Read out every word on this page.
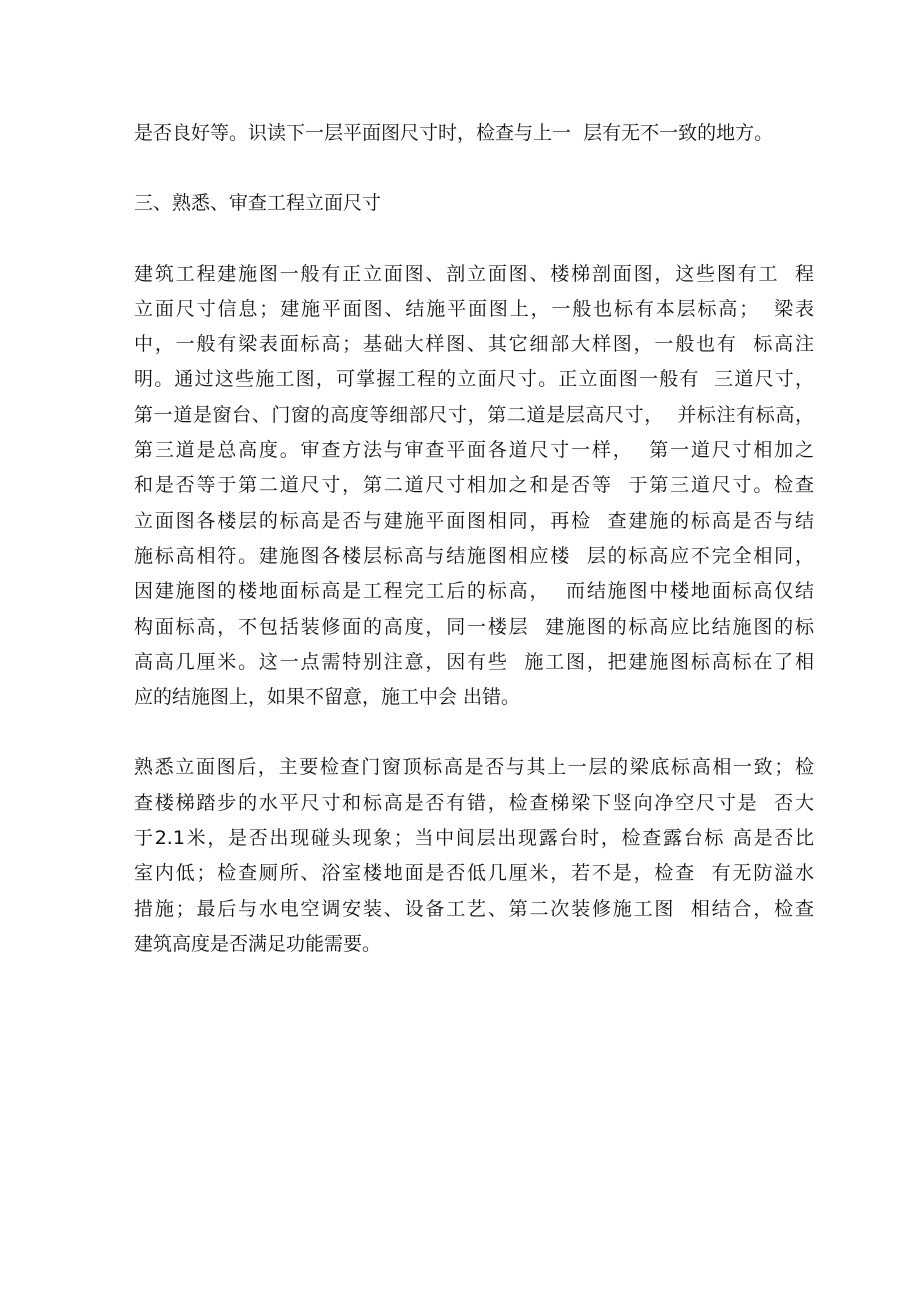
是否良好等。识读下一层平面图尺寸时，检查与上一  层有无不一致的地方。
三、熟悉、审查工程立面尺寸
建筑工程建施图一般有正立面图、剖立面图、楼梯剖面图，这些图有工  程
立面尺寸信息；建施平面图、结施平面图上，一般也标有本层标高；  梁表
中，一般有梁表面标高；基础大样图、其它细部大样图，一般也有  标高注
明。通过这些施工图，可掌握工程的立面尺寸。正立面图一般有  三道尺寸，
第一道是窗台、门窗的高度等细部尺寸，第二道是层高尺寸，  并标注有标高，
第三道是总高度。审查方法与审查平面各道尺寸一样，  第一道尺寸相加之
和是否等于第二道尺寸，第二道尺寸相加之和是否等  于第三道尺寸。检查
立面图各楼层的标高是否与建施平面图相同，再检  查建施的标高是否与结
施标高相符。建施图各楼层标高与结施图相应楼  层的标高应不完全相同，
因建施图的楼地面标高是工程完工后的标高，  而结施图中楼地面标高仅结
构面标高，不包括装修面的高度，同一楼层  建施图的标高应比结施图的标
高高几厘米。这一点需特别注意，因有些  施工图，把建施图标高标在了相
应的结施图上，如果不留意，施工中会 出错。
熟悉立面图后，主要检查门窗顶标高是否与其上一层的梁底标高相一致；检
查楼梯踏步的水平尺寸和标高是否有错，检查梯梁下竖向净空尺寸是  否大
于2.1米，是否出现碰头现象；当中间层出现露台时，检查露台标 高是否比
室内低；检查厕所、浴室楼地面是否低几厘米，若不是，检查  有无防溢水
措施；最后与水电空调安装、设备工艺、第二次装修施工图  相结合，检查
建筑高度是否满足功能需要。
